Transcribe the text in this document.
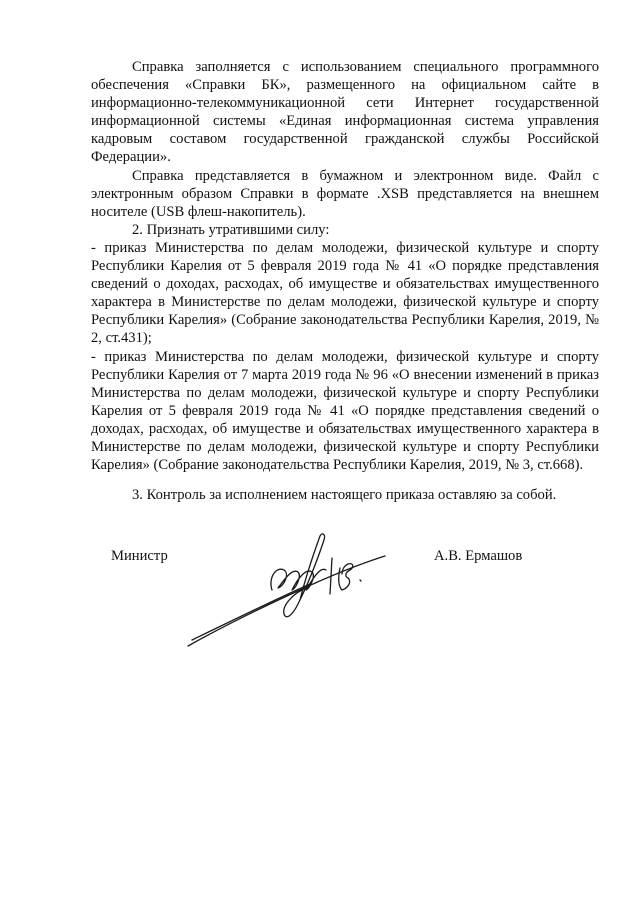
Справка заполняется с использованием специального программного обеспечения «Справки БК», размещенного на официальном сайте в информационно-телекоммуникационной сети Интернет государственной информационной системы «Единая информационная система управления кадровым составом государственной гражданской службы Российской Федерации».

Справка представляется в бумажном и электронном виде. Файл с электронным образом Справки в формате .XSB представляется на внешнем носителе (USB флеш-накопитель).

2. Признать утратившими силу:

- приказ Министерства по делам молодежи, физической культуре и спорту Республики Карелия от 5 февраля 2019 года № 41 «О порядке представления сведений о доходах, расходах, об имуществе и обязательствах имущественного характера в Министерстве по делам молодежи, физической культуре и спорту Республики Карелия» (Собрание законодательства Республики Карелия, 2019, № 2, ст.431);

- приказ Министерства по делам молодежи, физической культуре и спорту Республики Карелия от 7 марта 2019 года № 96 «О внесении изменений в приказ Министерства по делам молодежи, физической культуре и спорту Республики Карелия от 5 февраля 2019 года № 41 «О порядке представления сведений о доходах, расходах, об имуществе и обязательствах имущественного характера в Министерстве по делам молодежи, физической культуре и спорту Республики Карелия» (Собрание законодательства Республики Карелия, 2019, № 3, ст.668).

3. Контроль за исполнением настоящего приказа оставляю за собой.

Министр	А.В. Ермашов
